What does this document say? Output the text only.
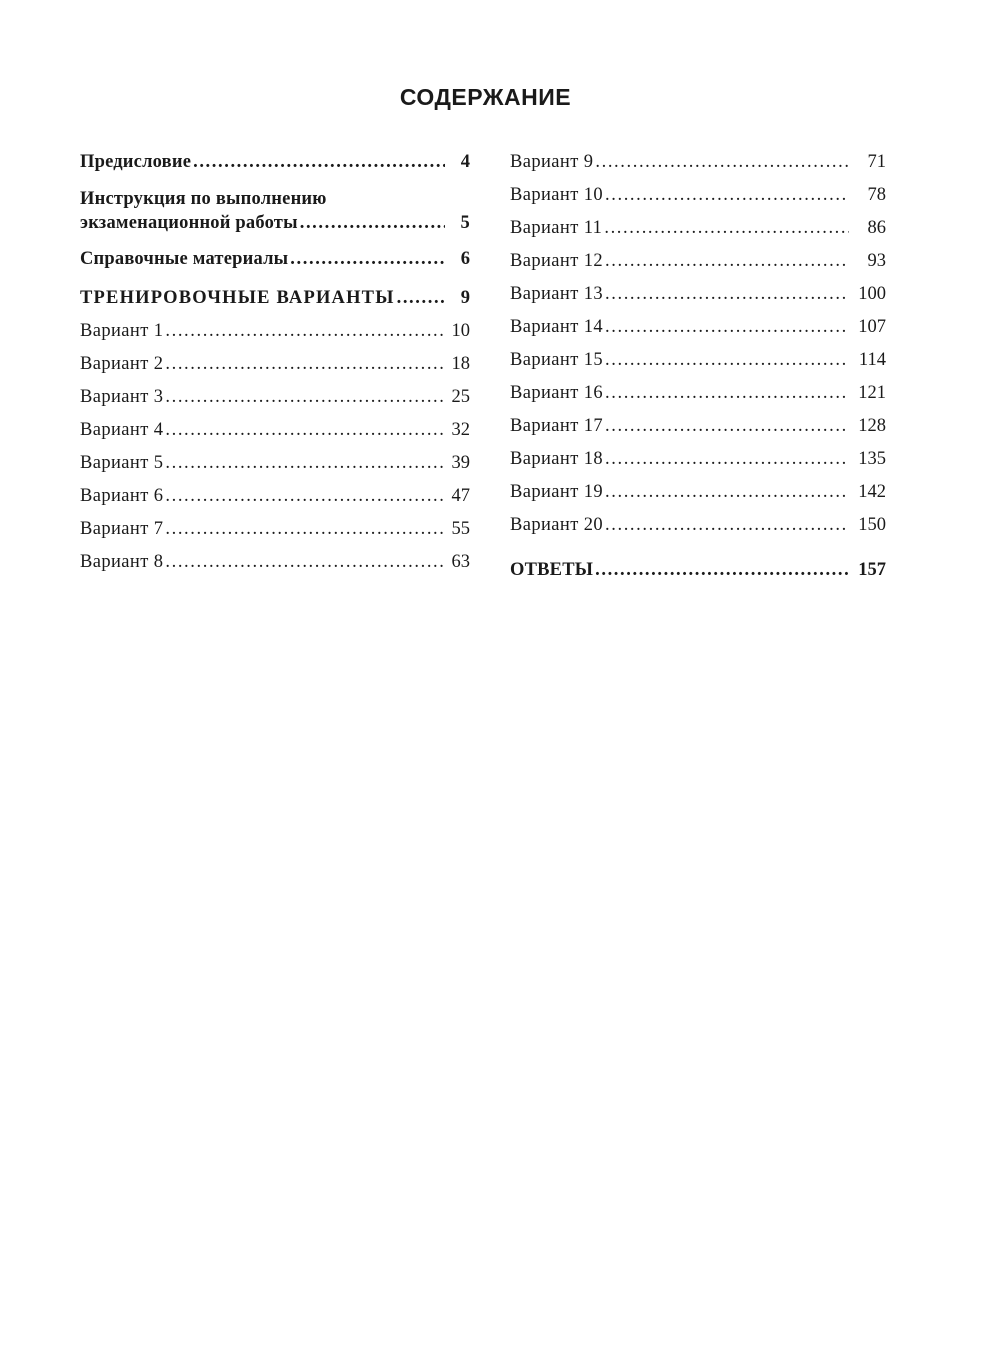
СОДЕРЖАНИЕ
Предисловие .....	4
Инструкция по выполнению
экзаменационной работы .....	5
Справочные материалы .....	6
ТРЕНИРОВОЧНЫЕ ВАРИАНТЫ .....	9
Вариант 1 .....	10
Вариант 2 .....	18
Вариант 3 .....	25
Вариант 4 .....	32
Вариант 5 .....	39
Вариант 6 .....	47
Вариант 7 .....	55
Вариант 8 .....	63
Вариант 9 .....	71
Вариант 10 .....	78
Вариант 11 .....	86
Вариант 12 .....	93
Вариант 13 .....	100
Вариант 14 .....	107
Вариант 15 .....	114
Вариант 16 .....	121
Вариант 17 .....	128
Вариант 18 .....	135
Вариант 19 .....	142
Вариант 20 .....	150
ОТВЕТЫ .....	157
